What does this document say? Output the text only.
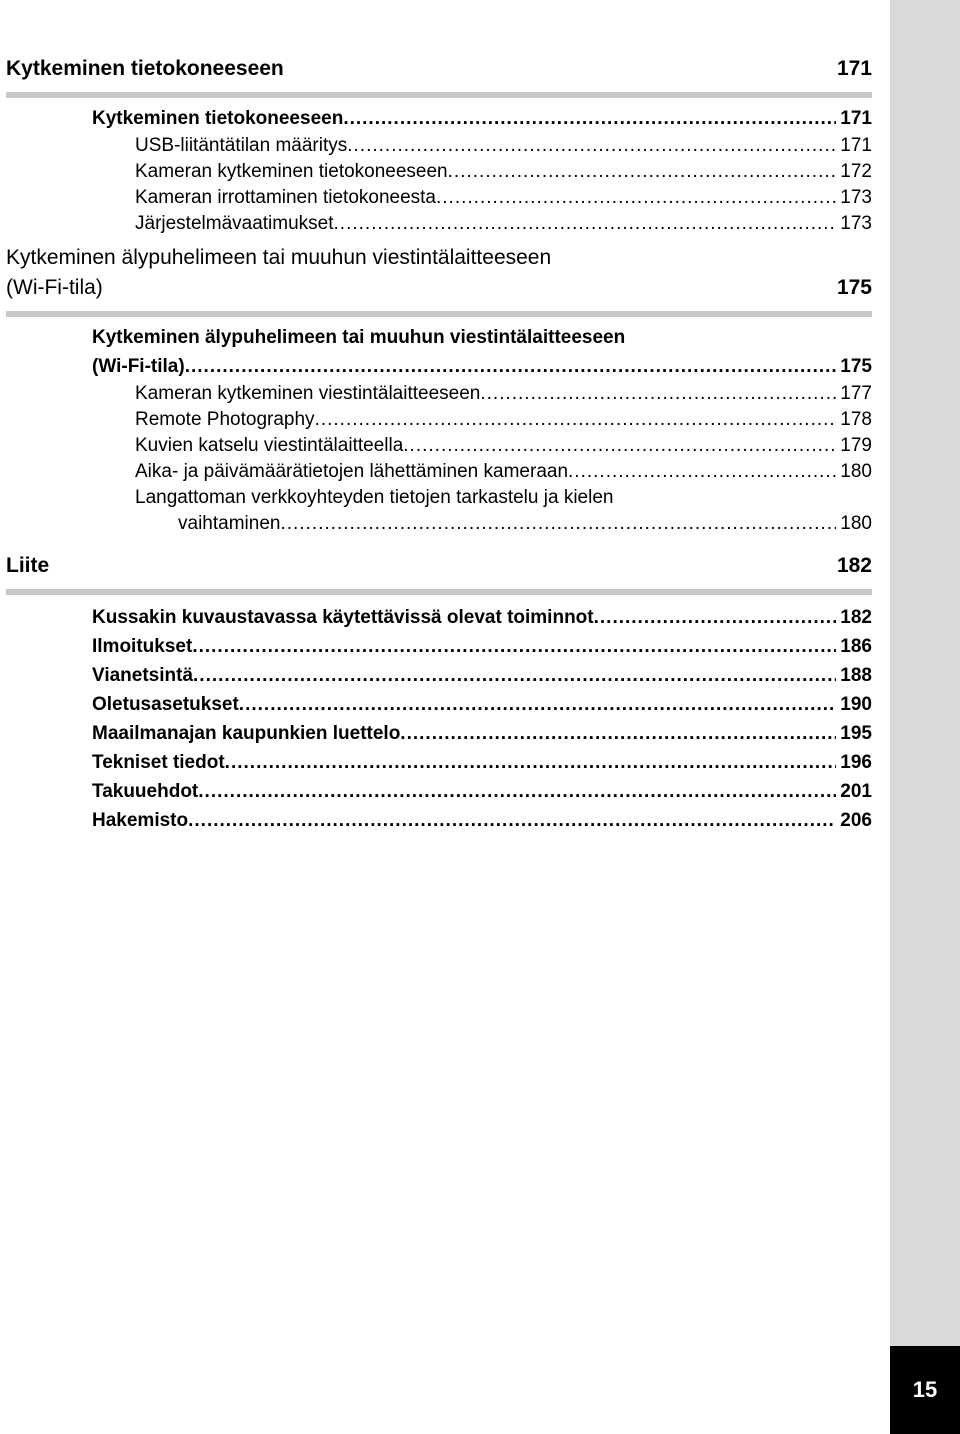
15
Kytkeminen tietokoneeseen	171
Kytkeminen tietokoneeseen .....	171
USB-liitäntätilan määritys .....	171
Kameran kytkeminen tietokoneeseen .....	172
Kameran irrottaminen tietokoneesta .....	173
Järjestelmävaatimukset .....	173
Kytkeminen älypuhelimeen tai muuhun viestintälaitteeseen
(Wi-Fi-tila)	175
Kytkeminen älypuhelimeen tai muuhun viestintälaitteeseen
(Wi-Fi-tila) .....	175
Kameran kytkeminen viestintälaitteeseen .....	177
Remote Photography .....	178
Kuvien katselu viestintälaitteella .....	179
Aika- ja päivämäärätietojen lähettäminen kameraan .....	180
Langattoman verkkoyhteyden tietojen tarkastelu ja kielen
vaihtaminen .....	180
Liite	182
Kussakin kuvaustavassa käytettävissä olevat toiminnot .....	182
Ilmoitukset .....	186
Vianetsintä .....	188
Oletusasetukset .....	190
Maailmanajan kaupunkien luettelo .....	195
Tekniset tiedot .....	196
Takuuehdot .....	201
Hakemisto .....	206
